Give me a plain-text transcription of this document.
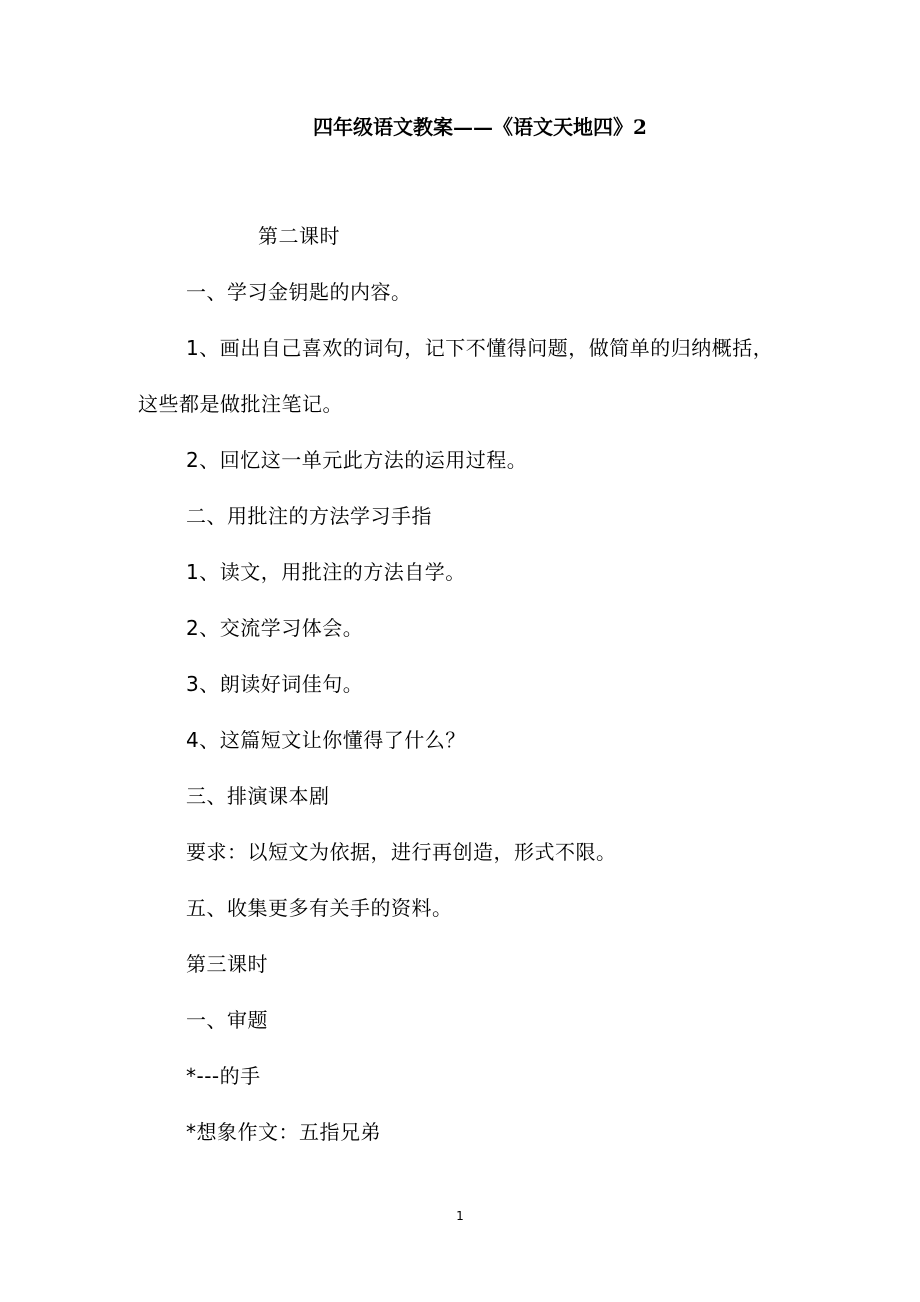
四年级语文教案——《语文天地四》2
第二课时
一、学习金钥匙的内容。
1、画出自己喜欢的词句，记下不懂得问题，做简单的归纳概括，
这些都是做批注笔记。
2、回忆这一单元此方法的运用过程。
二、用批注的方法学习手指
1、读文，用批注的方法自学。
2、交流学习体会。
3、朗读好词佳句。
4、这篇短文让你懂得了什么？
三、排演课本剧
要求：以短文为依据，进行再创造，形式不限。
五、收集更多有关手的资料。
第三课时
一、审题
*---的手
*想象作文：五指兄弟
1
